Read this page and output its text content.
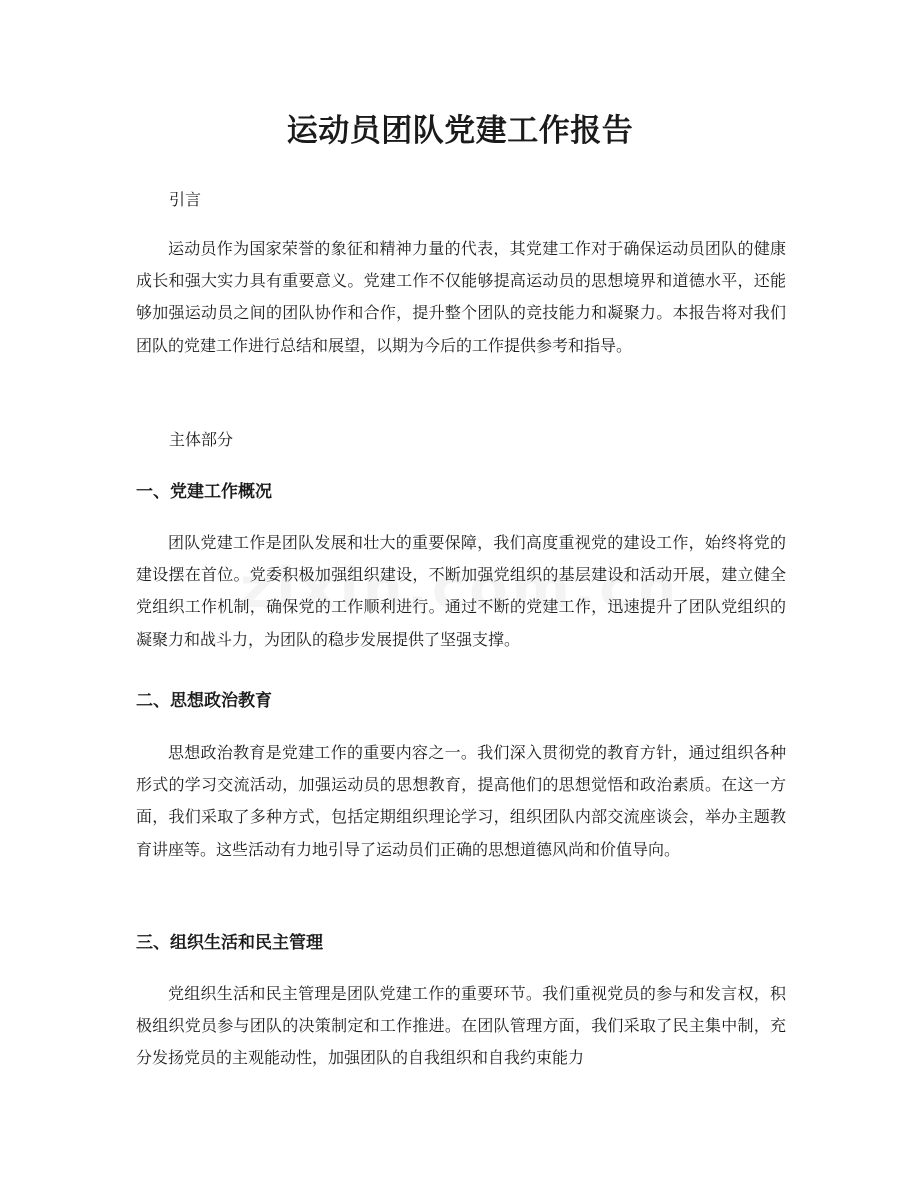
运动员团队党建工作报告
引言
运动员作为国家荣誉的象征和精神力量的代表，其党建工作对于确保运动员团队的健康成长和强大实力具有重要意义。党建工作不仅能够提高运动员的思想境界和道德水平，还能够加强运动员之间的团队协作和合作，提升整个团队的竞技能力和凝聚力。本报告将对我们团队的党建工作进行总结和展望，以期为今后的工作提供参考和指导。
主体部分
一、党建工作概况
团队党建工作是团队发展和壮大的重要保障，我们高度重视党的建设工作，始终将党的建设摆在首位。党委积极加强组织建设，不断加强党组织的基层建设和活动开展，建立健全党组织工作机制，确保党的工作顺利进行。通过不断的党建工作，迅速提升了团队党组织的凝聚力和战斗力，为团队的稳步发展提供了坚强支撑。
二、思想政治教育
思想政治教育是党建工作的重要内容之一。我们深入贯彻党的教育方针，通过组织各种形式的学习交流活动，加强运动员的思想教育，提高他们的思想觉悟和政治素质。在这一方面，我们采取了多种方式，包括定期组织理论学习，组织团队内部交流座谈会，举办主题教育讲座等。这些活动有力地引导了运动员们正确的思想道德风尚和价值导向。
三、组织生活和民主管理
党组织生活和民主管理是团队党建工作的重要环节。我们重视党员的参与和发言权，积极组织党员参与团队的决策制定和工作推进。在团队管理方面，我们采取了民主集中制，充分发扬党员的主观能动性，加强团队的自我组织和自我约束能力
